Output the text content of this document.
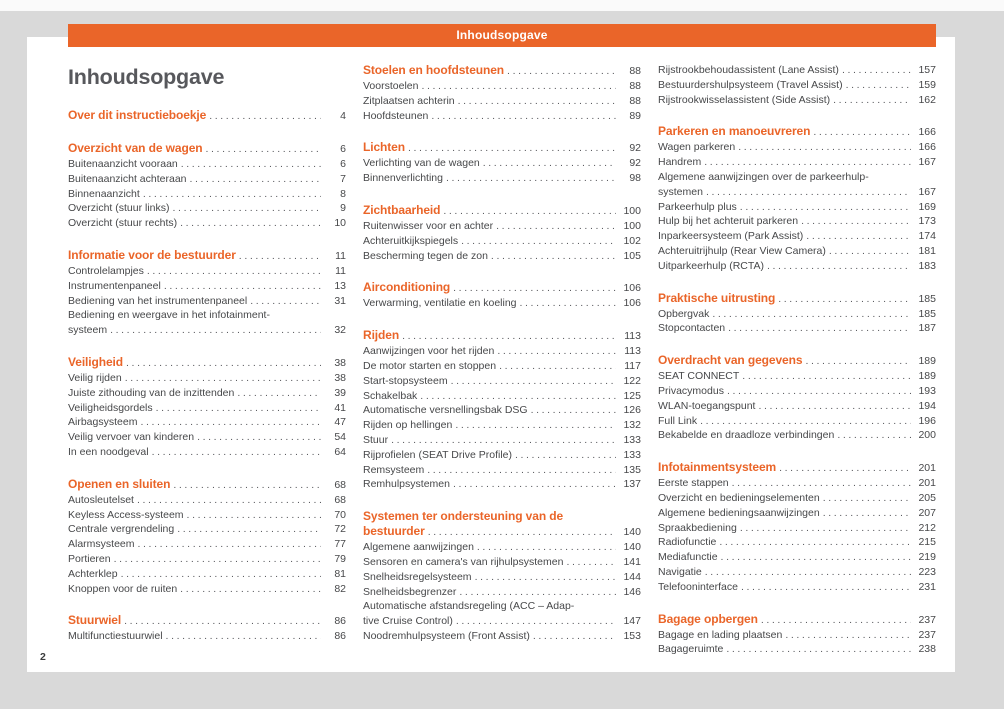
Inhoudsopgave
Over dit instructieboekje .....	4
Overzicht van de wagen .....	6
Buitenaanzicht vooraan .....	6
Buitenaanzicht achteraan .....	7
Binnenaanzicht .....	8
Overzicht (stuur links) .....	9
Overzicht (stuur rechts) .....	10
Informatie voor de bestuurder .....	11
Controlelampjes .....	11
Instrumentenpaneel .....	13
Bediening van het instrumentenpaneel .....	31
Bediening en weergave in het infotainment-
systeem .....	32
Veiligheid .....	38
Veilig rijden .....	38
Juiste zithouding van de inzittenden .....	39
Veiligheidsgordels .....	41
Airbagsysteem .....	47
Veilig vervoer van kinderen .....	54
In een noodgeval .....	64
Openen en sluiten .....	68
Autosleutelset .....	68
Keyless Access-systeem .....	70
Centrale vergrendeling .....	72
Alarmsysteem .....	77
Portieren .....	79
Achterklep .....	81
Knoppen voor de ruiten .....	82
Stuurwiel .....	86
Multifunctiestuurwiel .....	86
Stoelen en hoofdsteunen .....	88
Voorstoelen .....	88
Zitplaatsen achterin .....	88
Hoofdsteunen .....	89
Lichten .....	92
Verlichting van de wagen .....	92
Binnenverlichting .....	98
Zichtbaarheid .....	100
Ruitenwisser voor en achter .....	100
Achteruitkijkspiegels .....	102
Bescherming tegen de zon .....	105
Airconditioning .....	106
Verwarming, ventilatie en koeling .....	106
Rijden .....	113
Aanwijzingen voor het rijden .....	113
De motor starten en stoppen .....	117
Start-stopsysteem .....	122
Schakelbak .....	125
Automatische versnellingsbak DSG .....	126
Rijden op hellingen .....	132
Stuur .....	133
Rijprofielen (SEAT Drive Profile) .....	133
Remsysteem .....	135
Remhulpsystemen .....	137
Systemen ter ondersteuning van de
bestuurder .....	140
Algemene aanwijzingen .....	140
Sensoren en camera's van rijhulpsystemen .....	141
Snelheidsregelsysteem .....	144
Snelheidsbegrenzer .....	146
Automatische afstandsregeling (ACC – Adap-
tive Cruise Control) .....	147
Noodremhulpsysteem (Front Assist) .....	153
Rijstrookbehoudassistent (Lane Assist) .....	157
Bestuurdershulpsysteem (Travel Assist) .....	159
Rijstrookwisselassistent (Side Assist) .....	162
Parkeren en manoeuvreren .....	166
Wagen parkeren .....	166
Handrem .....	167
Algemene aanwijzingen over de parkeerhulp-
systemen .....	167
Parkeerhulp plus .....	169
Hulp bij het achteruit parkeren .....	173
Inparkeersysteem (Park Assist) .....	174
Achteruitrijhulp (Rear View Camera) .....	181
Uitparkeerhulp (RCTA) .....	183
Praktische uitrusting .....	185
Opbergvak .....	185
Stopcontacten .....	187
Overdracht van gegevens .....	189
SEAT CONNECT .....	189
Privacymodus .....	193
WLAN-toegangspunt .....	194
Full Link .....	196
Bekabelde en draadloze verbindingen .....	200
Infotainmentsysteem .....	201
Eerste stappen .....	201
Overzicht en bedieningselementen .....	205
Algemene bedieningsaanwijzingen .....	207
Spraakbediening .....	212
Radiofunctie .....	215
Mediafunctie .....	219
Navigatie .....	223
Telefooninterface .....	231
Bagage opbergen .....	237
Bagage en lading plaatsen .....	237
Bagageruimte .....	238
2
Inhoudsopgave
